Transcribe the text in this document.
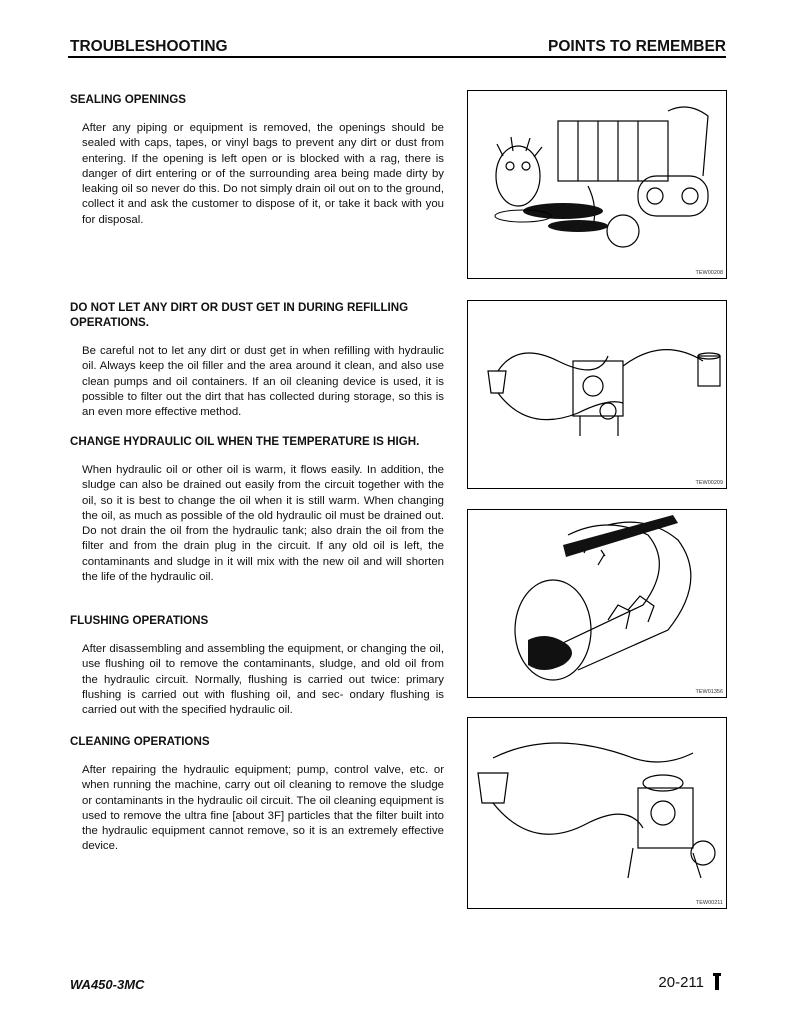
TROUBLESHOOTING	POINTS TO REMEMBER
SEALING OPENINGS
After any piping or equipment is removed, the openings should be sealed with caps, tapes, or vinyl bags to prevent any dirt or dust from entering. If the opening is left open or is blocked with a rag, there is danger of dirt entering or of the surrounding area being made dirty by leaking oil so never do this. Do not simply drain oil out on to the ground, collect it and ask the customer to dispose of it, or take it back with you for disposal.
DO NOT LET ANY DIRT OR DUST GET IN DURING REFILLING OPERATIONS.
Be careful not to let any dirt or dust get in when refilling with hydraulic oil. Always keep the oil filler and the area around it clean, and also use clean pumps and oil containers. If an oil cleaning device is used, it is possible to filter out the dirt that has collected during storage, so this is an even more effective method.
CHANGE HYDRAULIC OIL WHEN THE TEMPERATURE IS HIGH.
When hydraulic oil or other oil is warm, it flows easily. In addition, the sludge can also be drained out easily from the circuit together with the oil, so it is best to change the oil when it is still warm. When changing the oil, as much as possible of the old hydraulic oil must be drained out. Do not drain the oil from the hydraulic tank; also drain the oil from the filter and from the drain plug in the circuit. If any old oil is left, the contaminants and sludge in it will mix with the new oil and will shorten the life of the hydraulic oil.
FLUSHING OPERATIONS
After disassembling and assembling the equipment, or changing the oil, use flushing oil to remove the contaminants, sludge, and old oil from the hydraulic circuit. Normally, flushing is carried out twice: primary flushing is carried out with flushing oil, and sec- ondary flushing is carried out with the specified hydraulic oil.
CLEANING OPERATIONS
After repairing the hydraulic equipment; pump, control valve, etc. or when running the machine, carry out oil cleaning to remove the sludge or contaminants in the hydraulic oil circuit. The oil cleaning equipment is used to remove the ultra fine [about 3F] particles that the filter built into the hydraulic equipment cannot remove, so it is an extremely effective device.
TEW00208
TEW00209
TEW01356
TEW00211
WA450-3MC	20-211
